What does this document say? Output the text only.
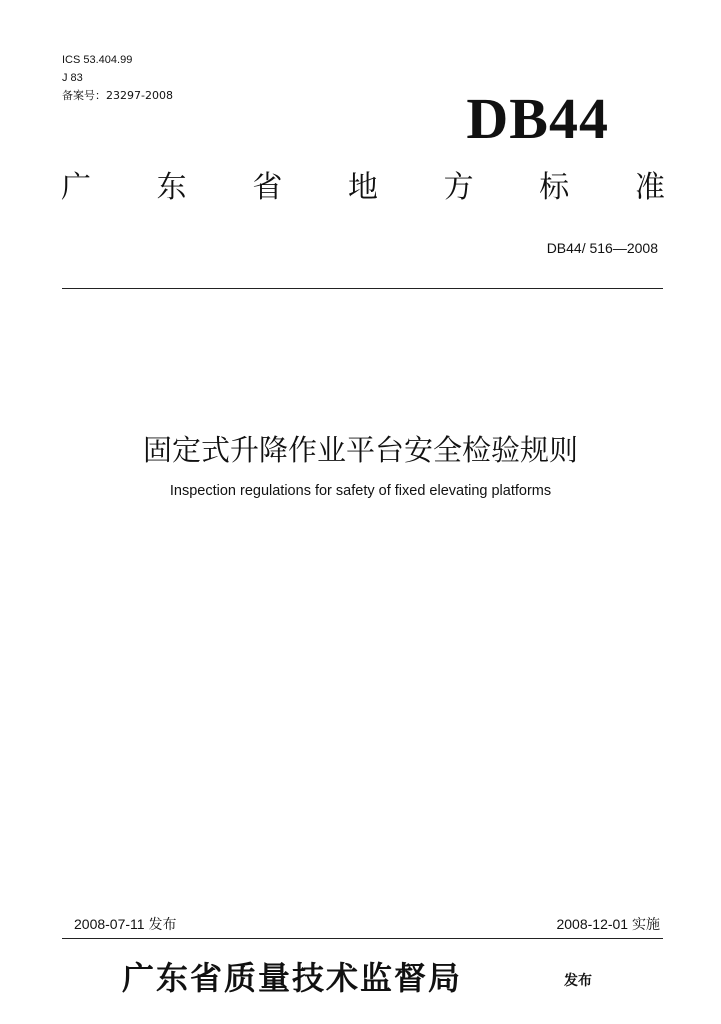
ICS 53.404.99
J 83
备案号：23297-2008	DB44
广 东 省 地 方 标 准
DB44/ 516—2008
固定式升降作业平台安全检验规则
Inspection regulations for safety of fixed elevating platforms
2008-07-11 发布	2008-12-01 实施
广东省质量技术监督局	发布
